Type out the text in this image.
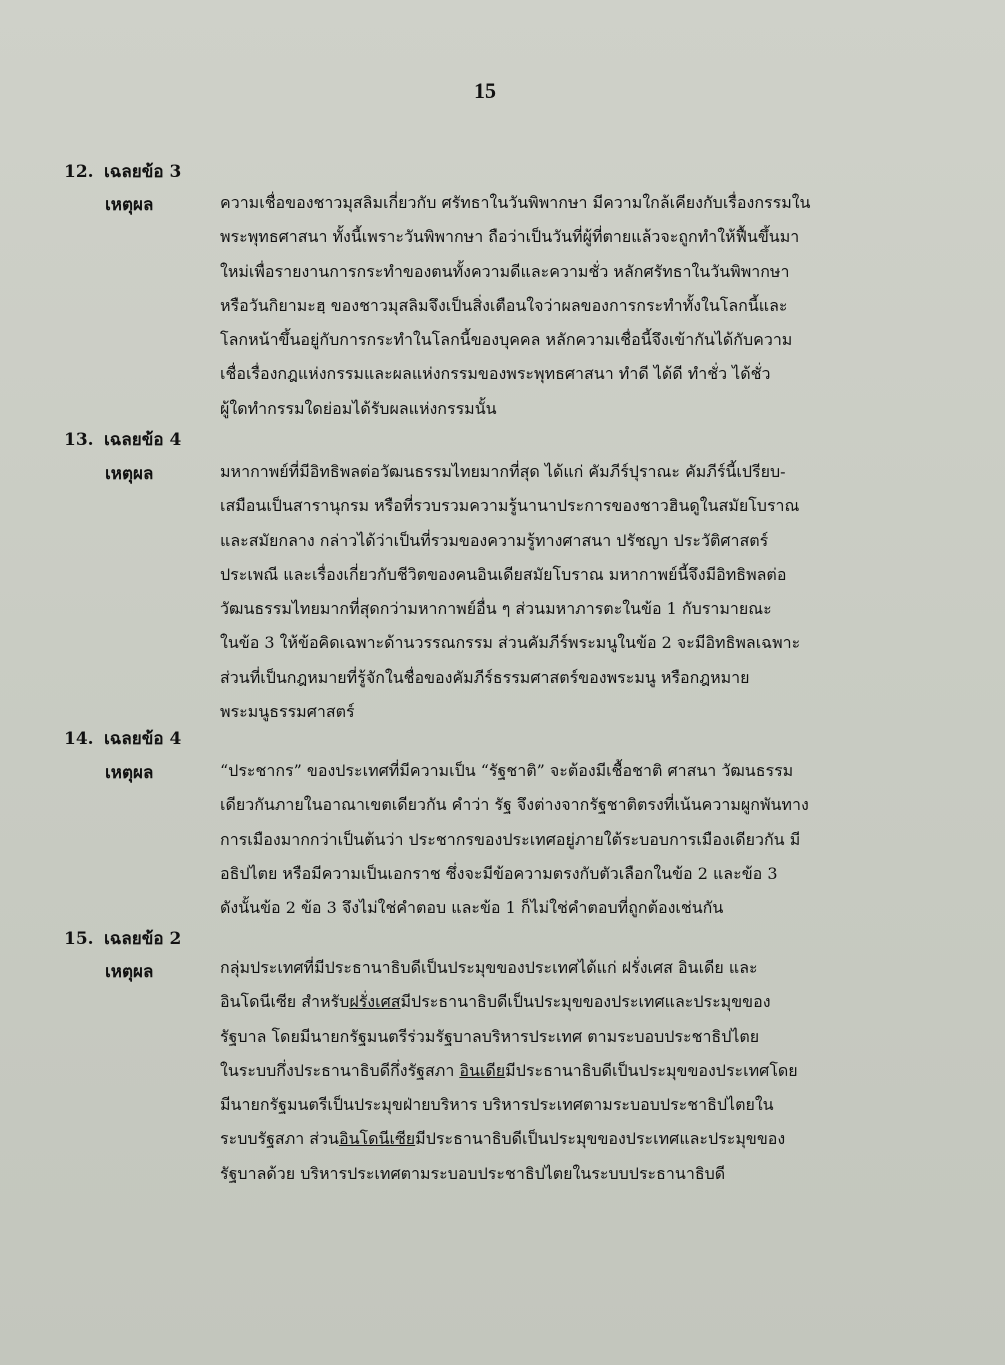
15
12. เฉลยข้อ 3
เหตุผล	ความเชื่อของชาวมุสลิมเกี่ยวกับ ศรัทธาในวันพิพากษา มีความใกล้เคียงกับเรื่องกรรมใน
พระพุทธศาสนา ทั้งนี้เพราะวันพิพากษา ถือว่าเป็นวันที่ผู้ที่ตายแล้วจะถูกทำให้ฟื้นขึ้นมา
ใหม่เพื่อรายงานการกระทำของตนทั้งความดีและความชั่ว หลักศรัทธาในวันพิพากษา
หรือวันกิยามะฮฺ ของชาวมุสลิมจึงเป็นสิ่งเตือนใจว่าผลของการกระทำทั้งในโลกนี้และ
โลกหน้าขึ้นอยู่กับการกระทำในโลกนี้ของบุคคล หลักความเชื่อนี้จึงเข้ากันได้กับความ
เชื่อเรื่องกฎแห่งกรรมและผลแห่งกรรมของพระพุทธศาสนา ทำดี ได้ดี ทำชั่ว ได้ชั่ว
ผู้ใดทำกรรมใดย่อมได้รับผลแห่งกรรมนั้น
13. เฉลยข้อ 4
เหตุผล	มหากาพย์ที่มีอิทธิพลต่อวัฒนธรรมไทยมากที่สุด ได้แก่ คัมภีร์ปุราณะ คัมภีร์นี้เปรียบ-
เสมือนเป็นสารานุกรม หรือที่รวบรวมความรู้นานาประการของชาวฮินดูในสมัยโบราณ
และสมัยกลาง กล่าวได้ว่าเป็นที่รวมของความรู้ทางศาสนา ปรัชญา ประวัติศาสตร์
ประเพณี และเรื่องเกี่ยวกับชีวิตของคนอินเดียสมัยโบราณ มหากาพย์นี้จึงมีอิทธิพลต่อ
วัฒนธรรมไทยมากที่สุดกว่ามหากาพย์อื่น ๆ ส่วนมหาภารตะในข้อ 1 กับรามายณะ
ในข้อ 3 ให้ข้อคิดเฉพาะด้านวรรณกรรม ส่วนคัมภีร์พระมนูในข้อ 2 จะมีอิทธิพลเฉพาะ
ส่วนที่เป็นกฎหมายที่รู้จักในชื่อของคัมภีร์ธรรมศาสตร์ของพระมนู หรือกฎหมาย
พระมนูธรรมศาสตร์
14. เฉลยข้อ 4
เหตุผล	“ประชากร” ของประเทศที่มีความเป็น “รัฐชาติ” จะต้องมีเชื้อชาติ ศาสนา วัฒนธรรม
เดียวกันภายในอาณาเขตเดียวกัน คำว่า รัฐ จึงต่างจากรัฐชาติตรงที่เน้นความผูกพันทาง
การเมืองมากกว่าเป็นต้นว่า ประชากรของประเทศอยู่ภายใต้ระบอบการเมืองเดียวกัน มี
อธิปไตย หรือมีความเป็นเอกราช ซึ่งจะมีข้อความตรงกับตัวเลือกในข้อ 2 และข้อ 3
ดังนั้นข้อ 2 ข้อ 3 จึงไม่ใช่คำตอบ และข้อ 1 ก็ไม่ใช่คำตอบที่ถูกต้องเช่นกัน
15. เฉลยข้อ 2
เหตุผล	กลุ่มประเทศที่มีประธานาธิบดีเป็นประมุขของประเทศได้แก่ ฝรั่งเศส อินเดีย และ
อินโดนีเซีย สำหรับฝรั่งเศสมีประธานาธิบดีเป็นประมุขของประเทศและประมุขของ
รัฐบาล โดยมีนายกรัฐมนตรีร่วมรัฐบาลบริหารประเทศ ตามระบอบประชาธิปไตย
ในระบบกึ่งประธานาธิบดีกึ่งรัฐสภา อินเดียมีประธานาธิบดีเป็นประมุขของประเทศโดย
มีนายกรัฐมนตรีเป็นประมุขฝ่ายบริหาร บริหารประเทศตามระบอบประชาธิปไตยใน
ระบบรัฐสภา ส่วนอินโดนีเซียมีประธานาธิบดีเป็นประมุขของประเทศและประมุขของ
รัฐบาลด้วย บริหารประเทศตามระบอบประชาธิปไตยในระบบประธานาธิบดี
